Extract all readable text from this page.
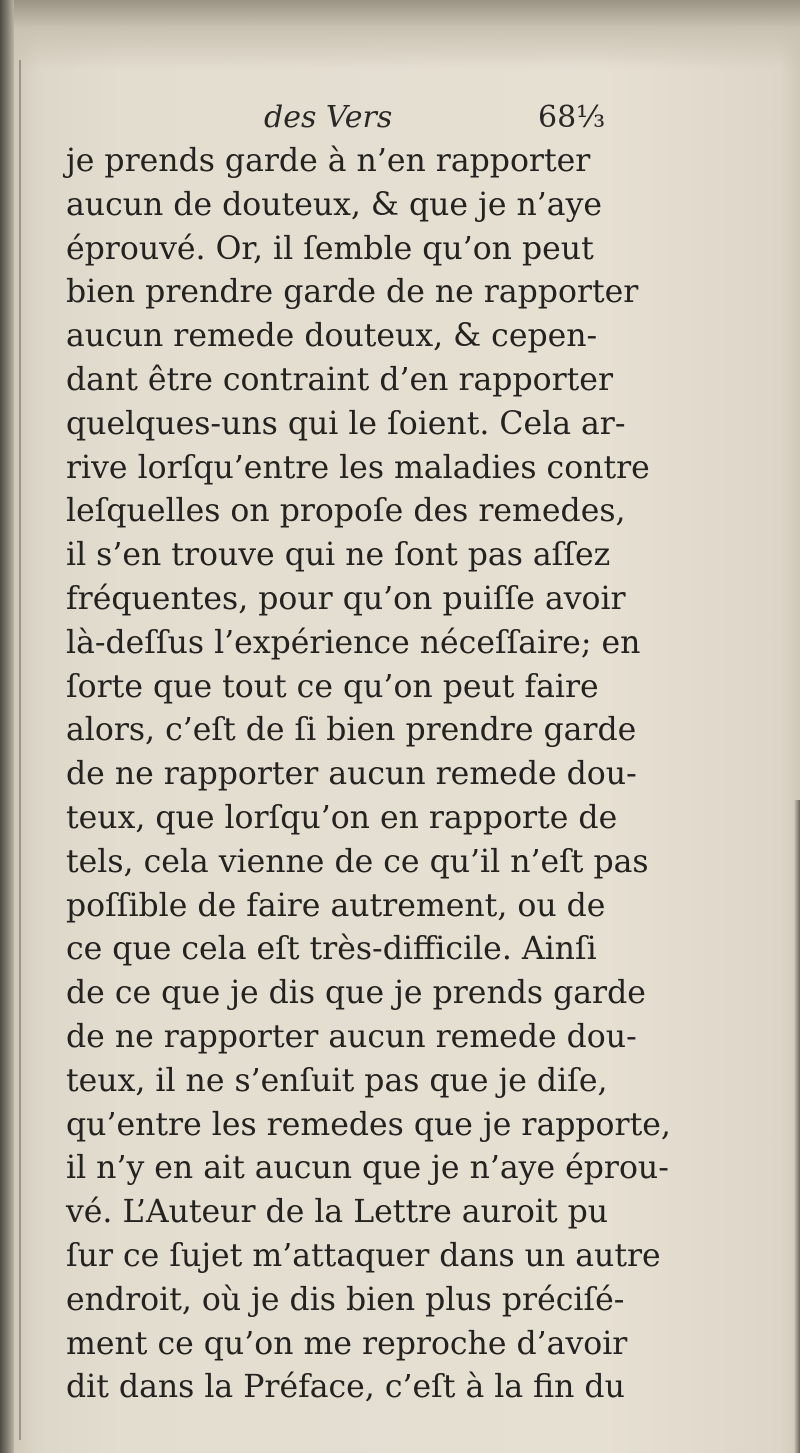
des Vers	68⅓
je prends garde à n’en rapporter
aucun de douteux, & que je n’aye
éprouvé. Or, il ſemble qu’on peut
bien prendre garde de ne rapporter
aucun remede douteux, & cepen-
dant être contraint d’en rapporter
quelques-uns qui le ſoient. Cela ar-
rive lorſqu’entre les maladies contre
leſquelles on propoſe des remedes,
il s’en trouve qui ne ſont pas aſſez
fréquentes, pour qu’on puiſſe avoir
là-deſſus l’expérience néceſſaire; en
ſorte que tout ce qu’on peut faire
alors, c’eſt de ſi bien prendre garde
de ne rapporter aucun remede dou-
teux, que lorſqu’on en rapporte de
tels, cela vienne de ce qu’il n’eſt pas
poſſible de faire autrement, ou de
ce que cela eſt très-difficile. Ainſi
de ce que je dis que je prends garde
de ne rapporter aucun remede dou-
teux, il ne s’enſuit pas que je diſe,
qu’entre les remedes que je rapporte,
il n’y en ait aucun que je n’aye éprou-
vé. L’Auteur de la Lettre auroit pu
ſur ce ſujet m’attaquer dans un autre
endroit, où je dis bien plus préciſé-
ment ce qu’on me reproche d’avoir
dit dans la Préface, c’eſt à la fin du
